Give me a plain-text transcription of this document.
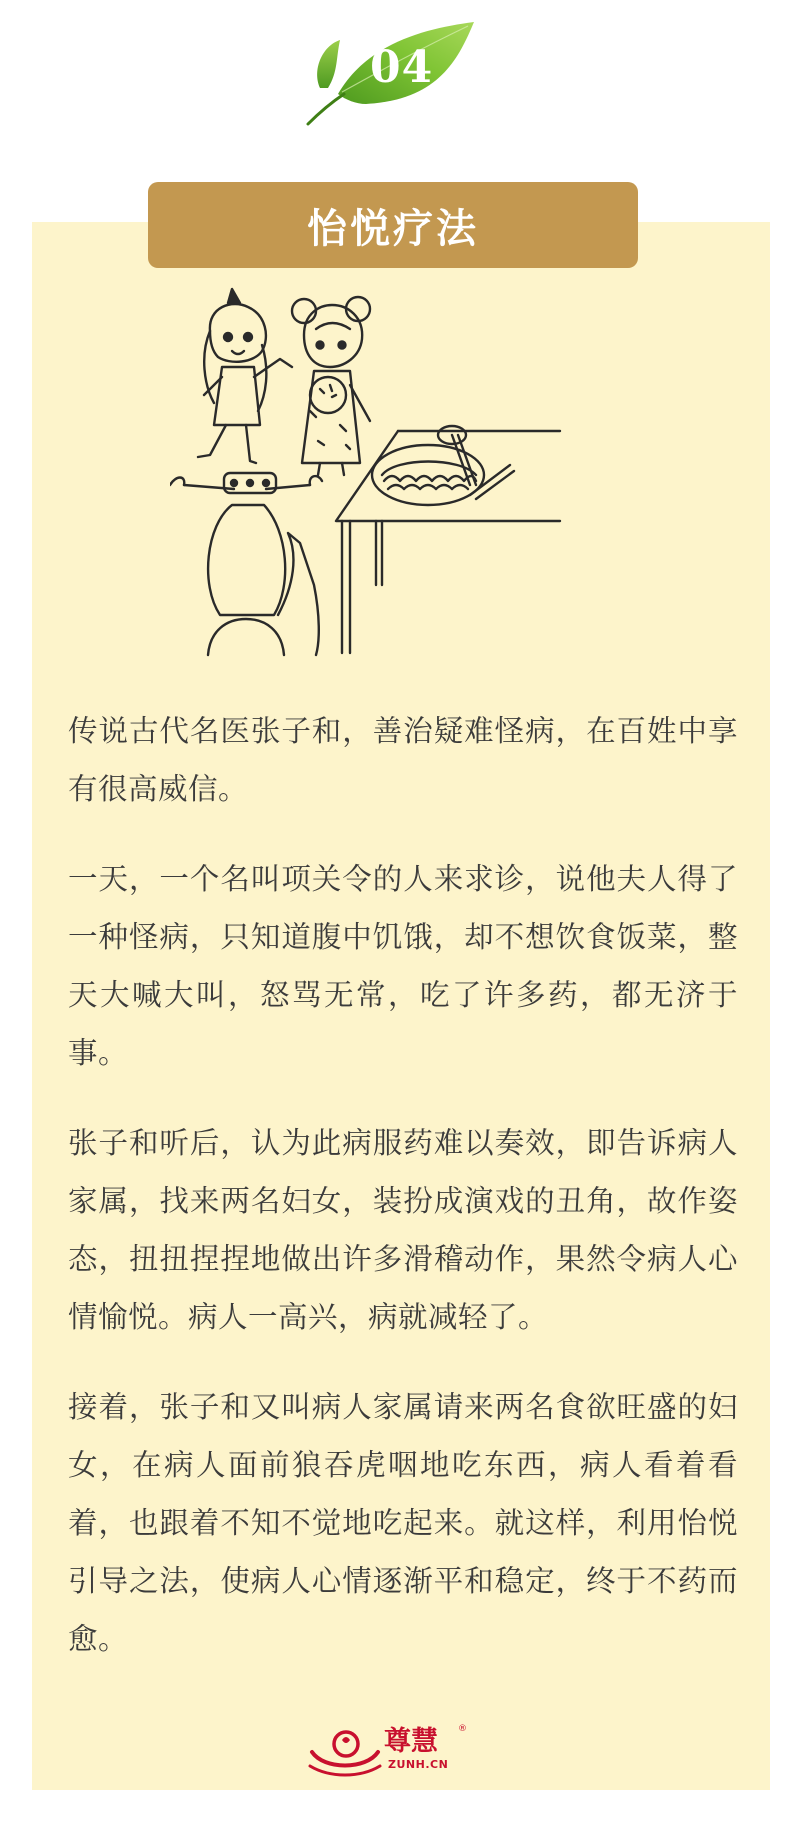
04
怡悦疗法

传说古代名医张子和，善治疑难怪病，在百姓中享有很高威信。

一天，一个名叫项关令的人来求诊，说他夫人得了一种怪病，只知道腹中饥饿，却不想饮食饭菜，整天大喊大叫，怒骂无常，吃了许多药，都无济于事。

张子和听后，认为此病服药难以奏效，即告诉病人家属，找来两名妇女，装扮成演戏的丑角，故作姿态，扭扭捏捏地做出许多滑稽动作，果然令病人心情愉悦。病人一高兴，病就减轻了。

接着，张子和又叫病人家属请来两名食欲旺盛的妇女，在病人面前狼吞虎咽地吃东西，病人看着看着，也跟着不知不觉地吃起来。就这样，利用怡悦引导之法，使病人心情逐渐平和稳定，终于不药而愈。

尊慧 ®
ZUNH.CN
